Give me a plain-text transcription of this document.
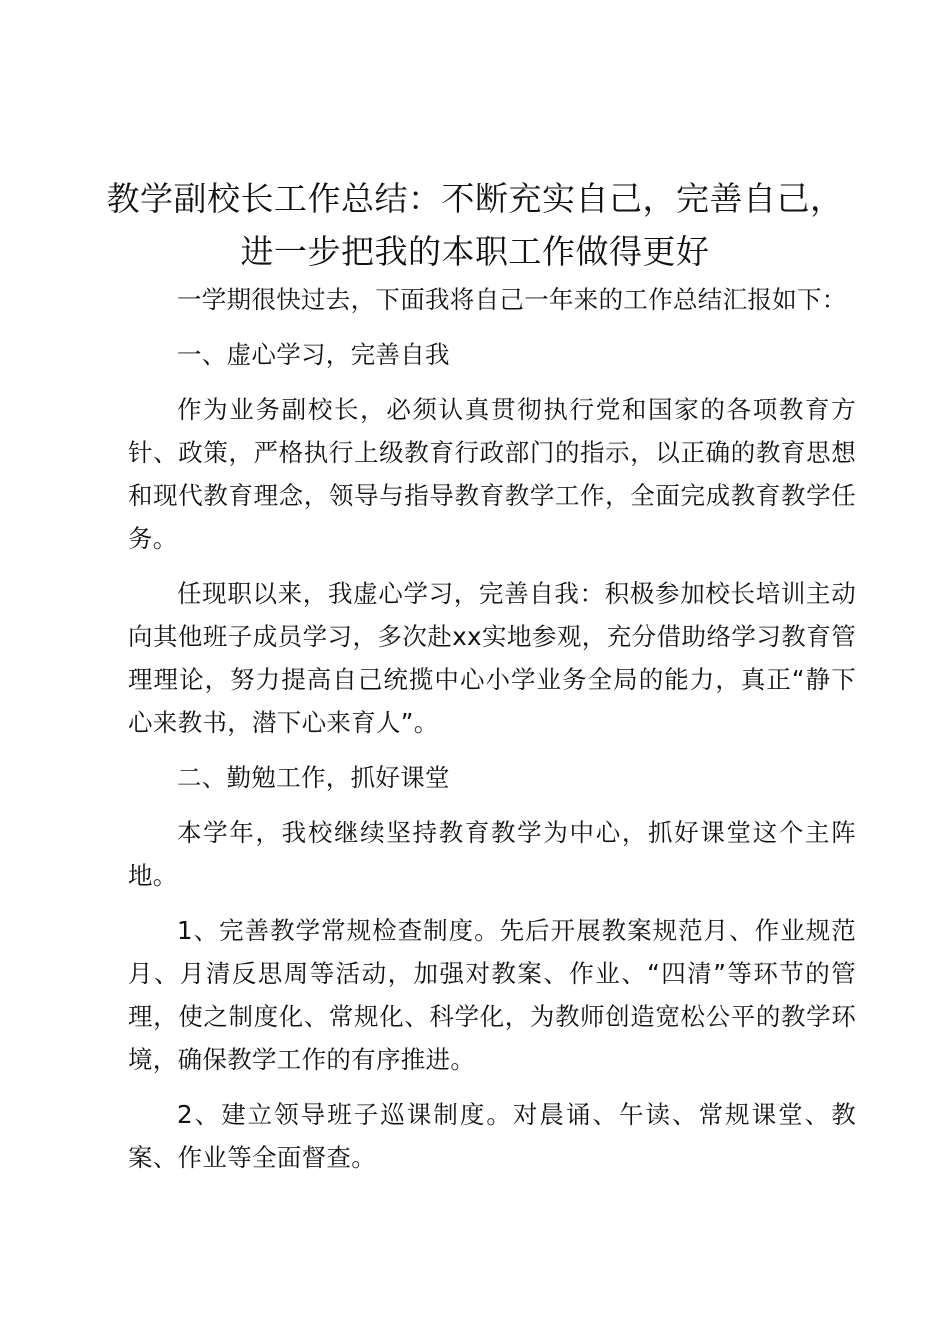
教学副校长工作总结：不断充实自己，完善自己，进一步把我的本职工作做得更好

一学期很快过去，下面我将自己一年来的工作总结汇报如下：

一、虚心学习，完善自我

作为业务副校长，必须认真贯彻执行党和国家的各项教育方针、政策，严格执行上级教育行政部门的指示，以正确的教育思想和现代教育理念，领导与指导教育教学工作，全面完成教育教学任务。

任现职以来，我虚心学习，完善自我：积极参加校长培训主动向其他班子成员学习，多次赴xx实地参观，充分借助络学习教育管理理论，努力提高自己统揽中心小学业务全局的能力，真正“静下心来教书，潜下心来育人”。

二、勤勉工作，抓好课堂

本学年，我校继续坚持教育教学为中心，抓好课堂这个主阵地。

1、完善教学常规检查制度。先后开展教案规范月、作业规范月、月清反思周等活动，加强对教案、作业、“四清”等环节的管理，使之制度化、常规化、科学化，为教师创造宽松公平的教学环境，确保教学工作的有序推进。

2、建立领导班子巡课制度。对晨诵、午读、常规课堂、教案、作业等全面督查。
